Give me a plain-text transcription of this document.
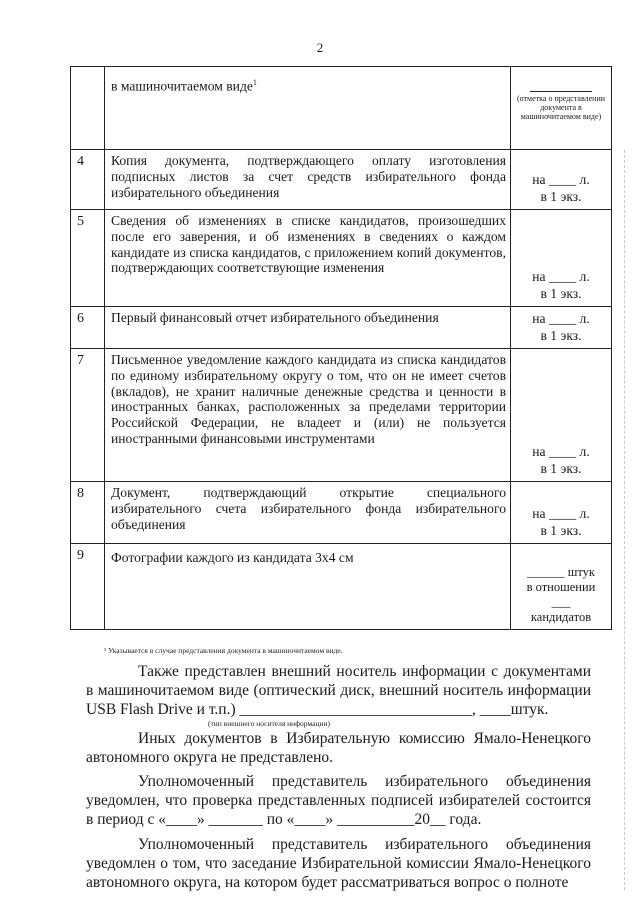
2
	в машиночитаемом виде$^1$	(отметка о представлении документа в машиночитаемом виде)

4	Копия документа, подтверждающего оплату изготовления подписных листов за счет средств избирательного фонда избирательного объединения	на ____ л.
в 1 экз.

5	Сведения об изменениях в списке кандидатов, произошедших после его заверения, и об изменениях в сведениях о каждом кандидате из списка кандидатов, с приложением копий документов, подтверждающих соответствующие изменения	на ____ л.
в 1 экз.

6	Первый финансовый отчет избирательного объединения	на ____ л.
в 1 экз.

7	Письменное уведомление каждого кандидата из списка кандидатов по единому избирательному округу о том, что он не имеет счетов (вкладов), не хранит наличные денежные средства и ценности в иностранных банках, расположенных за пределами территории Российской Федерации, не владеет и (или) не пользуется иностранными финансовыми инструментами	на ____ л.
в 1 экз.

8	Документ, подтверждающий открытие специального избирательного счета избирательного фонда избирательного объединения	на ____ л.
в 1 экз.

9	Фотографии каждого из кандидата 3х4 см	______ штук
в отношении
___
кандидатов
¹ Указывается в случае представления документа в машиночитаемом виде.
Также представлен внешний носитель информации с документами в машиночитаемом виде (оптический диск, внешний носитель информации USB Flash Drive и т.п.) ______________________________, ____штук.
(тип внешнего носителя информации)
Иных документов в Избирательную комиссию Ямало-Ненецкого автономного округа не представлено.
Уполномоченный представитель избирательного объединения уведомлен, что проверка представленных подписей избирателей состоится в период с «____» _______ по «____» __________20__ года.
Уполномоченный представитель избирательного объединения уведомлен о том, что заседание Избирательной комиссии Ямало-Ненецкого автономного округа, на котором будет рассматриваться вопрос о полноте
